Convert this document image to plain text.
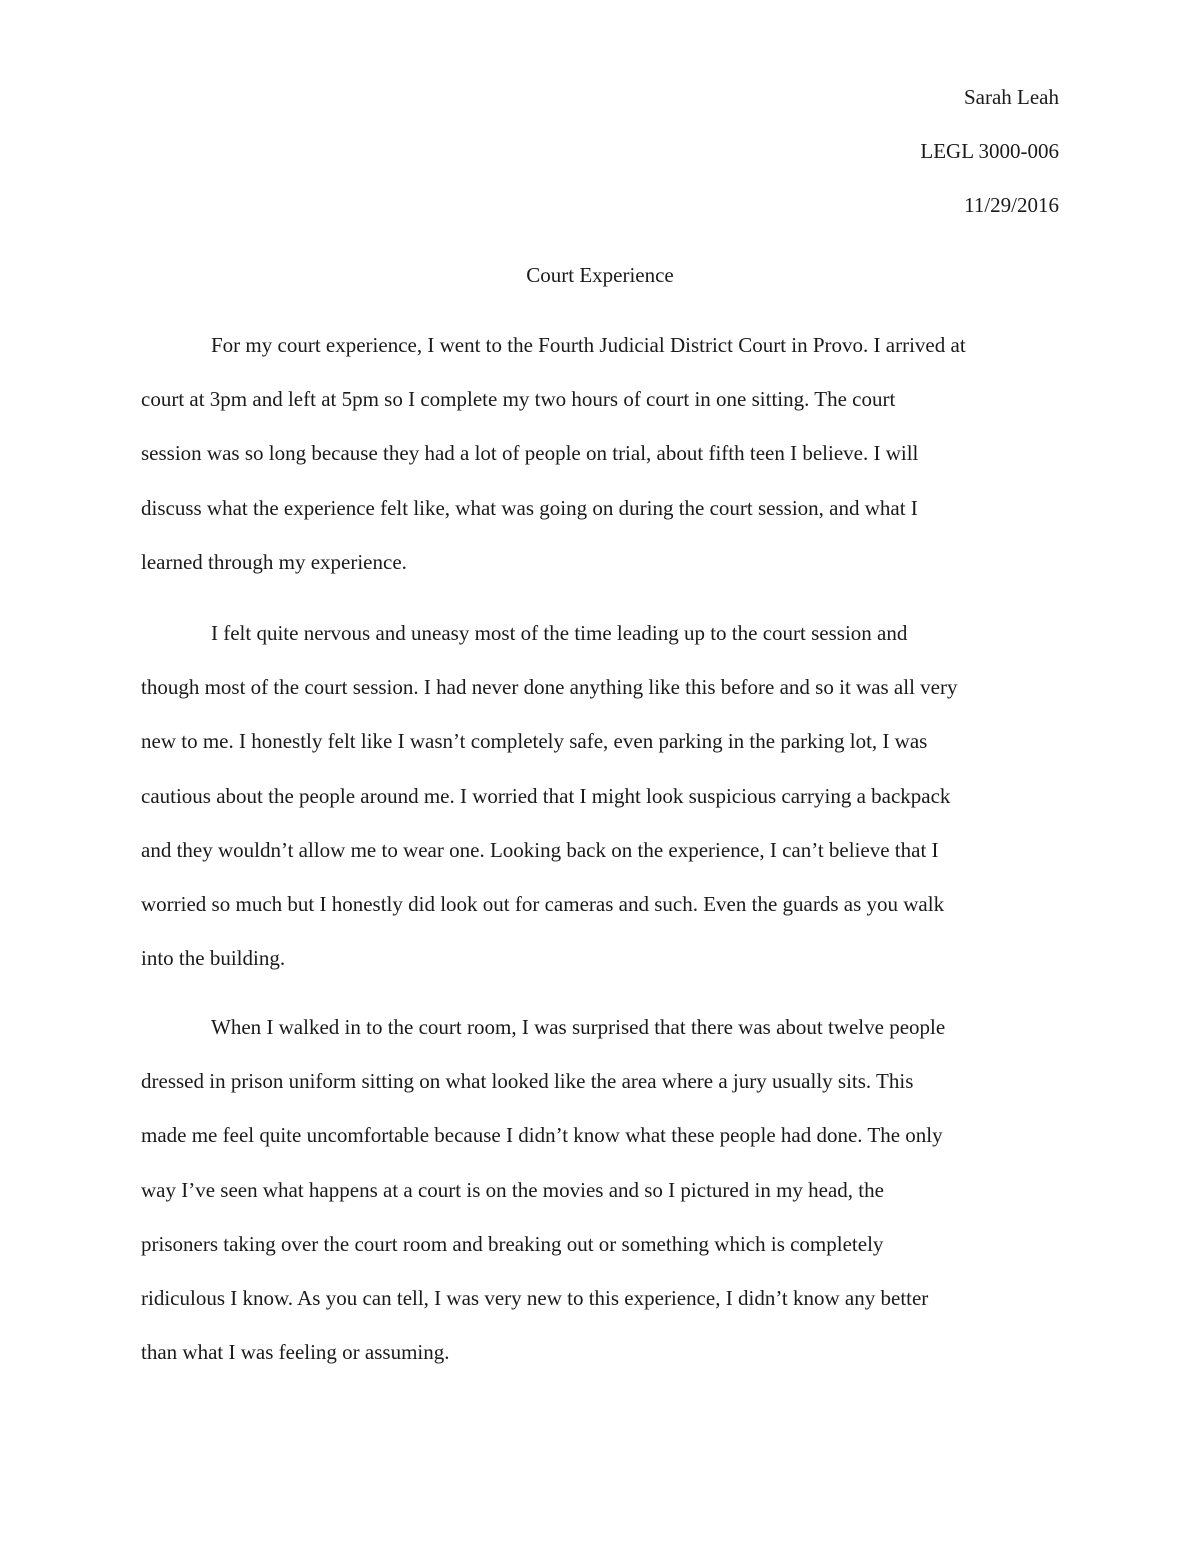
Sarah Leah
LEGL 3000-006
11/29/2016
Court Experience
For my court experience, I went to the Fourth Judicial District Court in Provo. I arrived at
court at 3pm and left at 5pm so I complete my two hours of court in one sitting. The court
session was so long because they had a lot of people on trial, about fifth teen I believe. I will
discuss what the experience felt like, what was going on during the court session, and what I
learned through my experience.
I felt quite nervous and uneasy most of the time leading up to the court session and
though most of the court session. I had never done anything like this before and so it was all very
new to me. I honestly felt like I wasn’t completely safe, even parking in the parking lot, I was
cautious about the people around me. I worried that I might look suspicious carrying a backpack
and they wouldn’t allow me to wear one. Looking back on the experience, I can’t believe that I
worried so much but I honestly did look out for cameras and such. Even the guards as you walk
into the building.
When I walked in to the court room, I was surprised that there was about twelve people
dressed in prison uniform sitting on what looked like the area where a jury usually sits. This
made me feel quite uncomfortable because I didn’t know what these people had done. The only
way I’ve seen what happens at a court is on the movies and so I pictured in my head, the
prisoners taking over the court room and breaking out or something which is completely
ridiculous I know. As you can tell, I was very new to this experience, I didn’t know any better
than what I was feeling or assuming.
